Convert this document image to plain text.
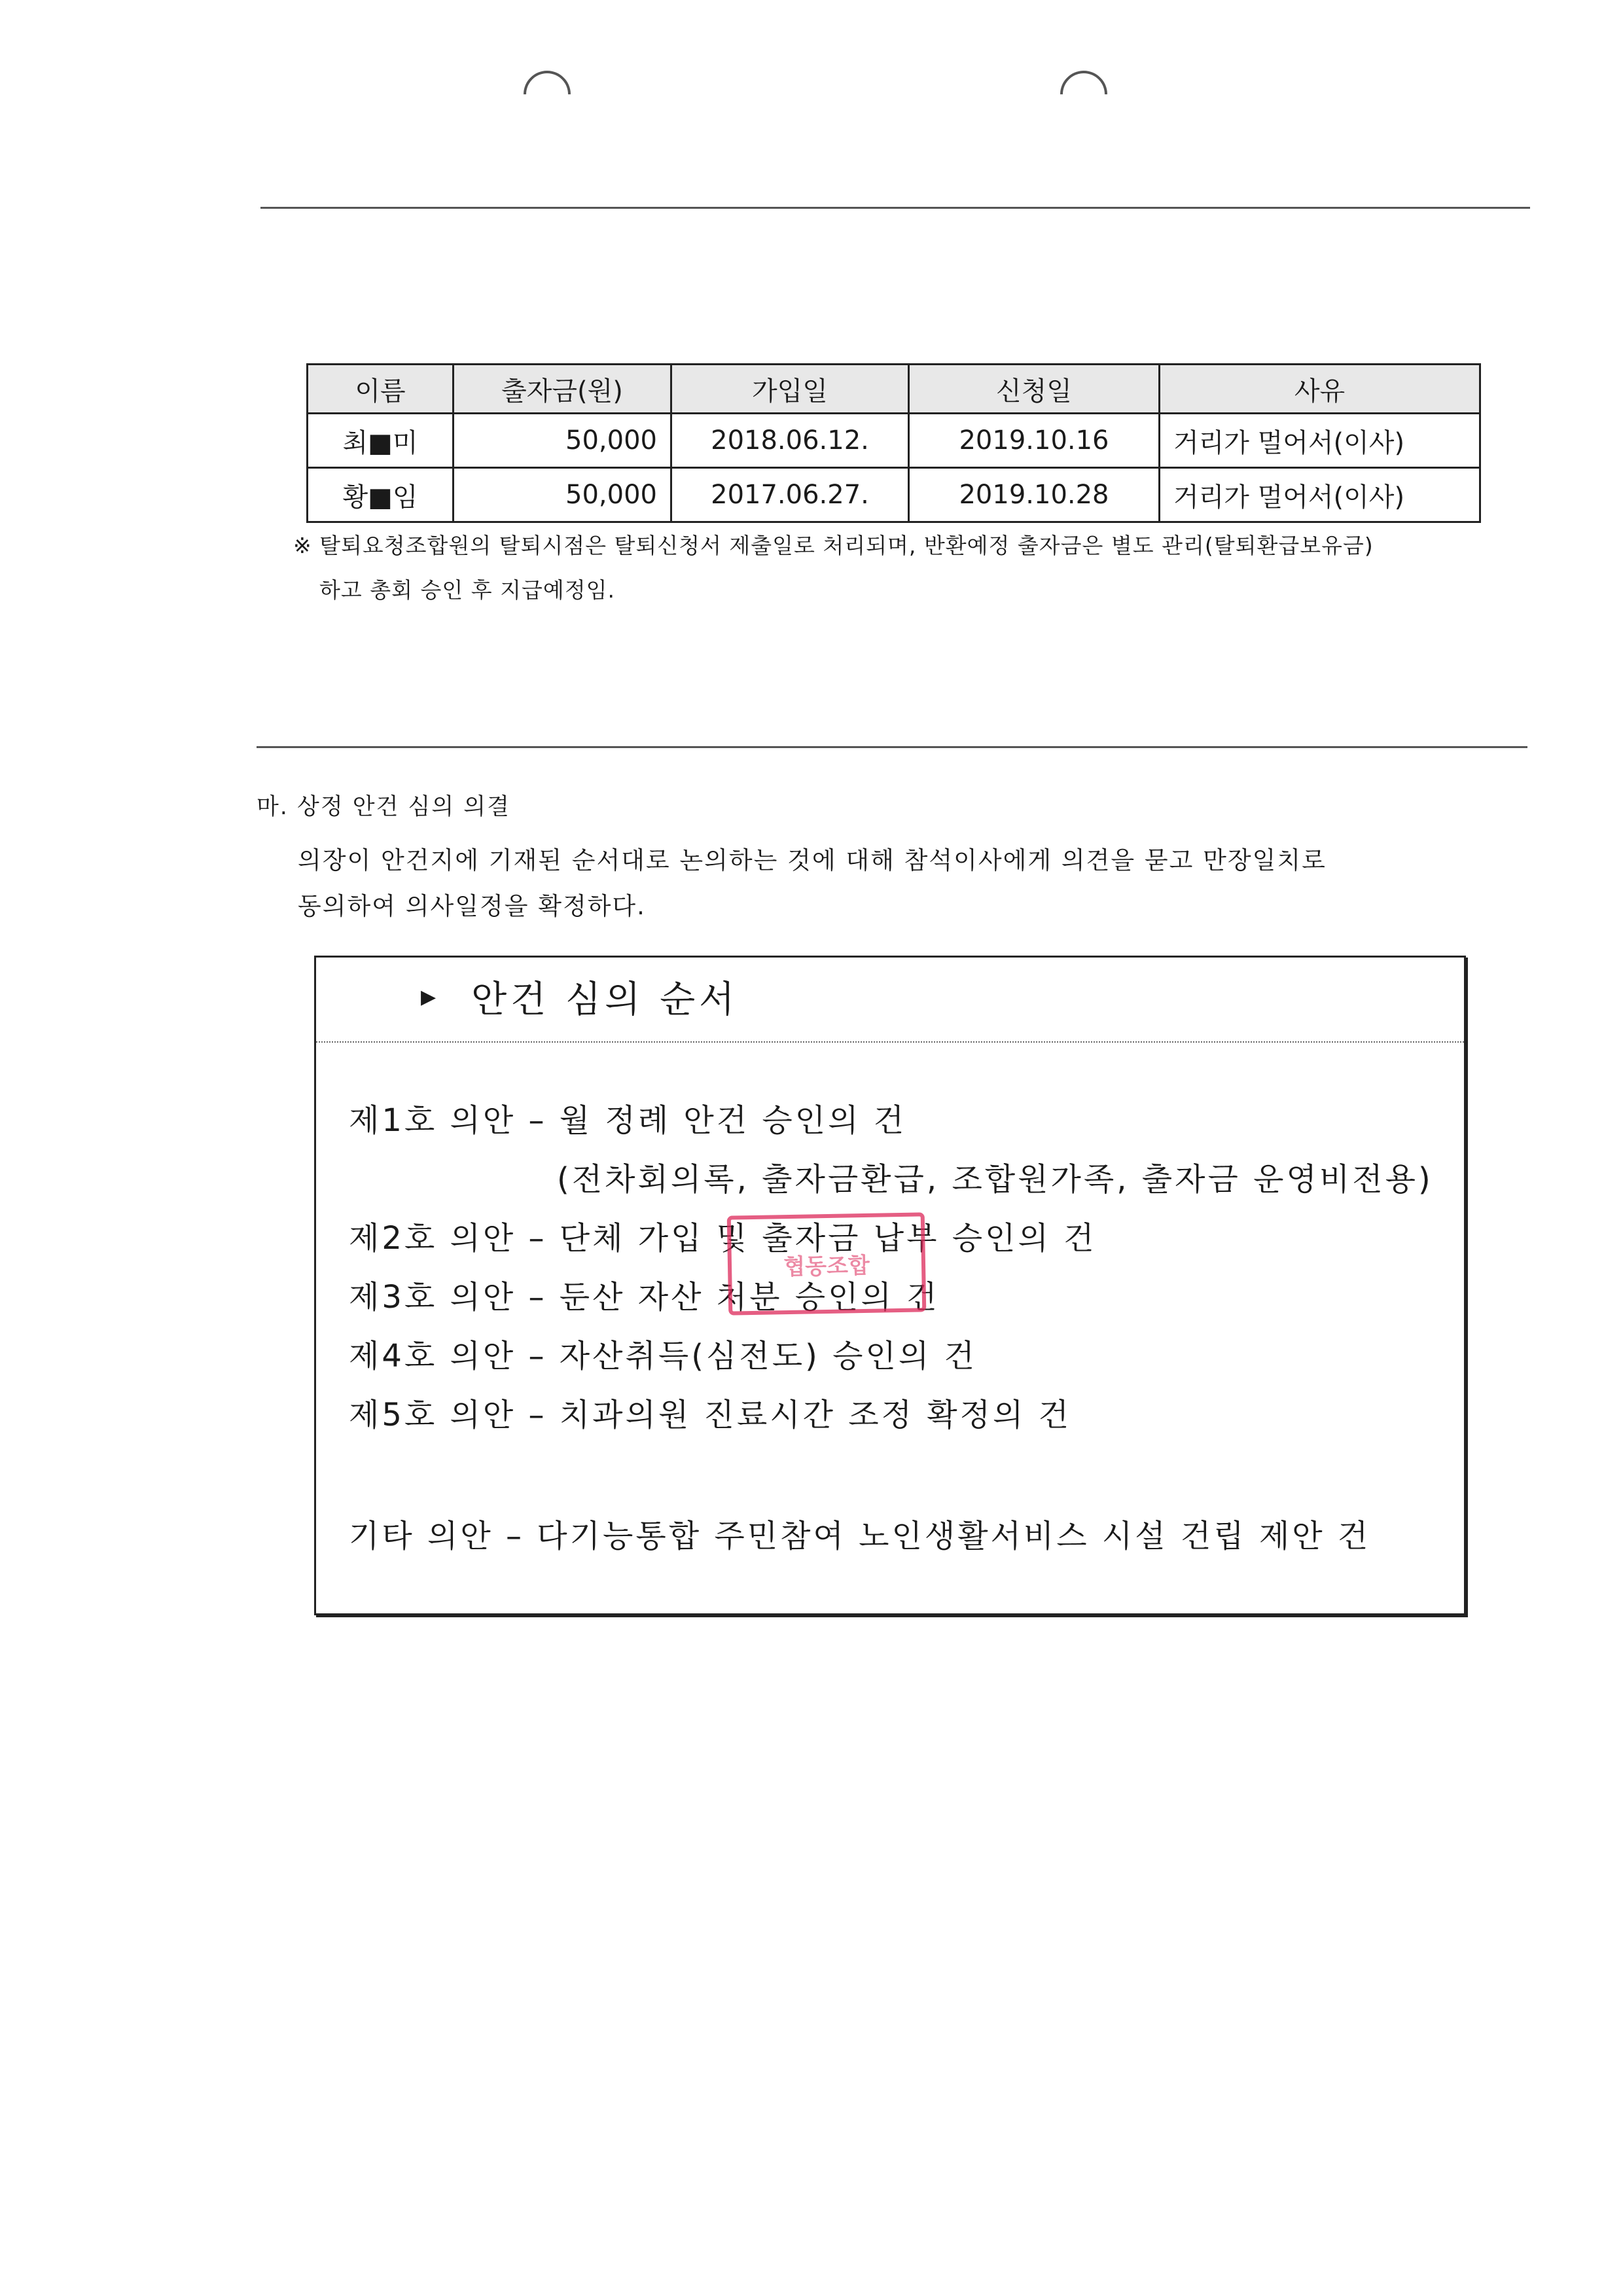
이름	출자금(원)	가입일	신청일	사유
최■미	50,000	2018.06.12.	2019.10.16	거리가 멀어서(이사)
황■임	50,000	2017.06.27.	2019.10.28	거리가 멀어서(이사)
※ 탈퇴요청조합원의 탈퇴시점은 탈퇴신청서 제출일로 처리되며, 반환예정 출자금은 별도 관리(탈퇴환급보유금)
하고 총회 승인 후 지급예정임.
마. 상정 안건 심의 의결
의장이 안건지에 기재된 순서대로 논의하는 것에 대해 참석이사에게 의견을 묻고 만장일치로
동의하여 의사일정을 확정하다.
▶ 안건 심의 순서
제1호 의안 – 월 정례 안건 승인의 건
(전차회의록, 출자금환급, 조합원가족, 출자금 운영비전용)
제2호 의안 – 단체 가입 및 출자금 납부 승인의 건
제3호 의안 – 둔산 자산 처분 승인의 건
제4호 의안 – 자산취득(심전도) 승인의 건
제5호 의안 – 치과의원 진료시간 조정 확정의 건
기타 의안 – 다기능통합 주민참여 노인생활서비스 시설 건립 제안 건
협동조합
